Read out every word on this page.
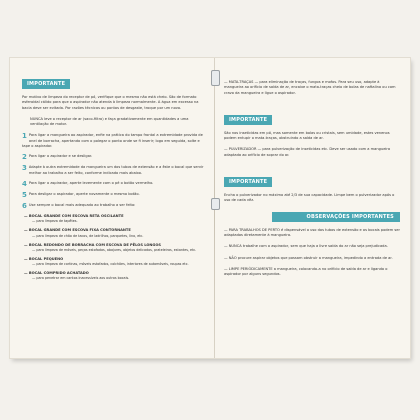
IMPORTANTE

Por motivo de limpeza do receptor de pó, verifique que o mesmo não está cheio. São de formato esferoidal cálido para que o aspirador não atenda à limpeza normalmente. A água em excesso na bacia deve ser evitada. Por razões técnicas ou pontos de desgaste, troque por um novo.

NUNCA leve o receptor de ar (saco-filtro) e faça gradativamente em quantidades a uma ventilação de motor.

1 Para ligar a mangueira ao aspirador, enfie na prática do tampo frontal a extremidade provida de anel de borracha, apertando com o polegar o ponto onde se fi inserir; logo em seguida, solte e tape o aspirador.

2 Para ligar o aspirador e se desligar.

3 Adapte à outra extremidade da mangueira um dos tubos de extensão e a êste o bocal que servir melhor ao trabalho a ser feito, conforme indicado mais abaixo.

4 Para ligar o aspirador, aperte levemente com o pé o botão vermelho.

5 Para desligar o aspirador, aperte novamente o mesmo botão.

6 Use sempre o bocal mais adequado ao trabalho a ser feito:

— BOCAL GRANDE COM ESCOVA RETA OSCILANTE

— para limpeza de tapêtes.

— BOCAL GRANDE COM ESCOVA FIXA CONTORNANTE

— para limpeza de chão de tacos, de ladrilhos, parquetes, lino, etc.

— BOCAL REDONDO DE BORRACHA COM ESCOVA DE PÊLOS LONGOS

— para limpeza de móveis, peças estofadas, abajures, objetos delicados, prateleiras, estantes, etc.

— BOCAL PEQUENO

— para limpeza de cortinas, móveis estofados, colchões, interiores de automóveis, roupas etc.

— BOCAL COMPRIDO ACHATADO

— para penetrar em cantos inacessíveis aos outros bocais.

— MATA-TRAÇAS — para eliminação de traças, fungos e mofos. Para seu uso, adapte à mangueira ao orifício de saída de ar, encaixe o mata-traças cheio de bolas de naftalina ou com cravo da mangueira e ligue o aspirador.

IMPORTANTE

São nos inseticidas em pó, mas somente em bolas ou cristais, sem umidade, estes venenos podem entupir o mata-traças, obstruindo a saída de ar.

— PULVERIZADOR — para pulverização de inseticidas etc. Deve ser usado com a mangueira adaptada ao orifício de soprar do ar.

IMPORTANTE

Encha o pulverizador no máximo até 2/3 de sua capacidade. Limpe bem o pulverizador após o uso de cada vêz.

OBSERVAÇÕES IMPORTANTES

— PARA TRABALHOS DE PERTO é dispensável o uso dos tubos de extensão e os bocais podem ser adaptados diretamente à mangueira.

— NUNCA trabalhe com o aspirador, sem que haja a livre saída do ar não seja prejudicada.

— NÃO procure aspirar objetos que possam obstruir a mangueira, impedindo a entrada de ar.

— LIMPE PERIÒDICAMENTE a mangueira, colocando-a no orifício de saída de ar e ligando o aspirador por alguns segundos.
